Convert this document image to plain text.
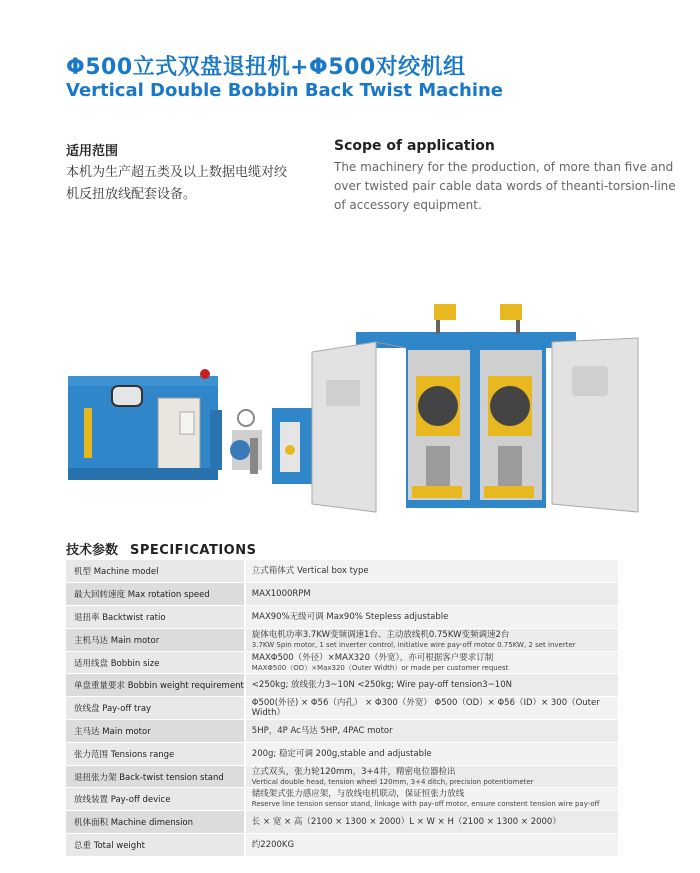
Φ500立式双盘退扭机+Φ500对绞机组
Vertical Double Bobbin Back Twist Machine
适用范围
本机为生产超五类及以上数据电缆对绞机反扭放线配套设备。
Scope of application
The machinery for the production, of more than five and over twisted pair cable data words of theanti-torsion-line of accessory equipment.
技术参数 SPECIFICATIONS
机型 Machine model	立式箱体式 Vertical box type
最大回转速度 Max rotation speed	MAX1000RPM
退扭率 Backtwist ratio	MAX90%无级可调 Max90% Stepless adjustable
主机马达 Main motor	旋体电机功率3.7KW变频调速1台、主动放线机0.75KW变频调速2台
3.7KW Spin motor, 1 set inverter control, initiative wire pay-off motor 0.75KW, 2 set inverter

适用线盘 Bobbin size	MAXΦ500（外径）×MAX320（外宽），亦可根据客户要求订制
MAXΦ500（OD）×Max320（Outer Width）or made per customer request

单盘重量要求 Bobbin weight requirement	<250kg; 放线张力3~10N <250kg; Wire pay-off tension3~10N
放线盘 Pay-off tray	Φ500(外径) × Φ56（内孔） × Φ300（外宽） Φ500（OD）× Φ56（ID）× 300（Outer Width）
主马达 Main motor	5HP，4P Ac马达 5HP, 4PAC motor
张力范围 Tensions range	200g; 稳定可调 200g,stable and adjustable
退扭张力架 Back-twist tension stand	立式双头，张力轮120mm，3+4井，精密电位器检出
Vertical double head, tension wheel 120mm, 3+4 ditch, precision potentiometer

放线装置 Pay-off device	储线架式张力感应架，与放线电机联动，保证恒张力放线
Reserve line tension sensor stand, linkage with pay-off motor, ensure constent tension wire pay-off

机体面积 Machine dimension	长 × 宽 × 高（2100 × 1300 × 2000）L × W × H（2100 × 1300 × 2000）
总重 Total weight	约2200KG
